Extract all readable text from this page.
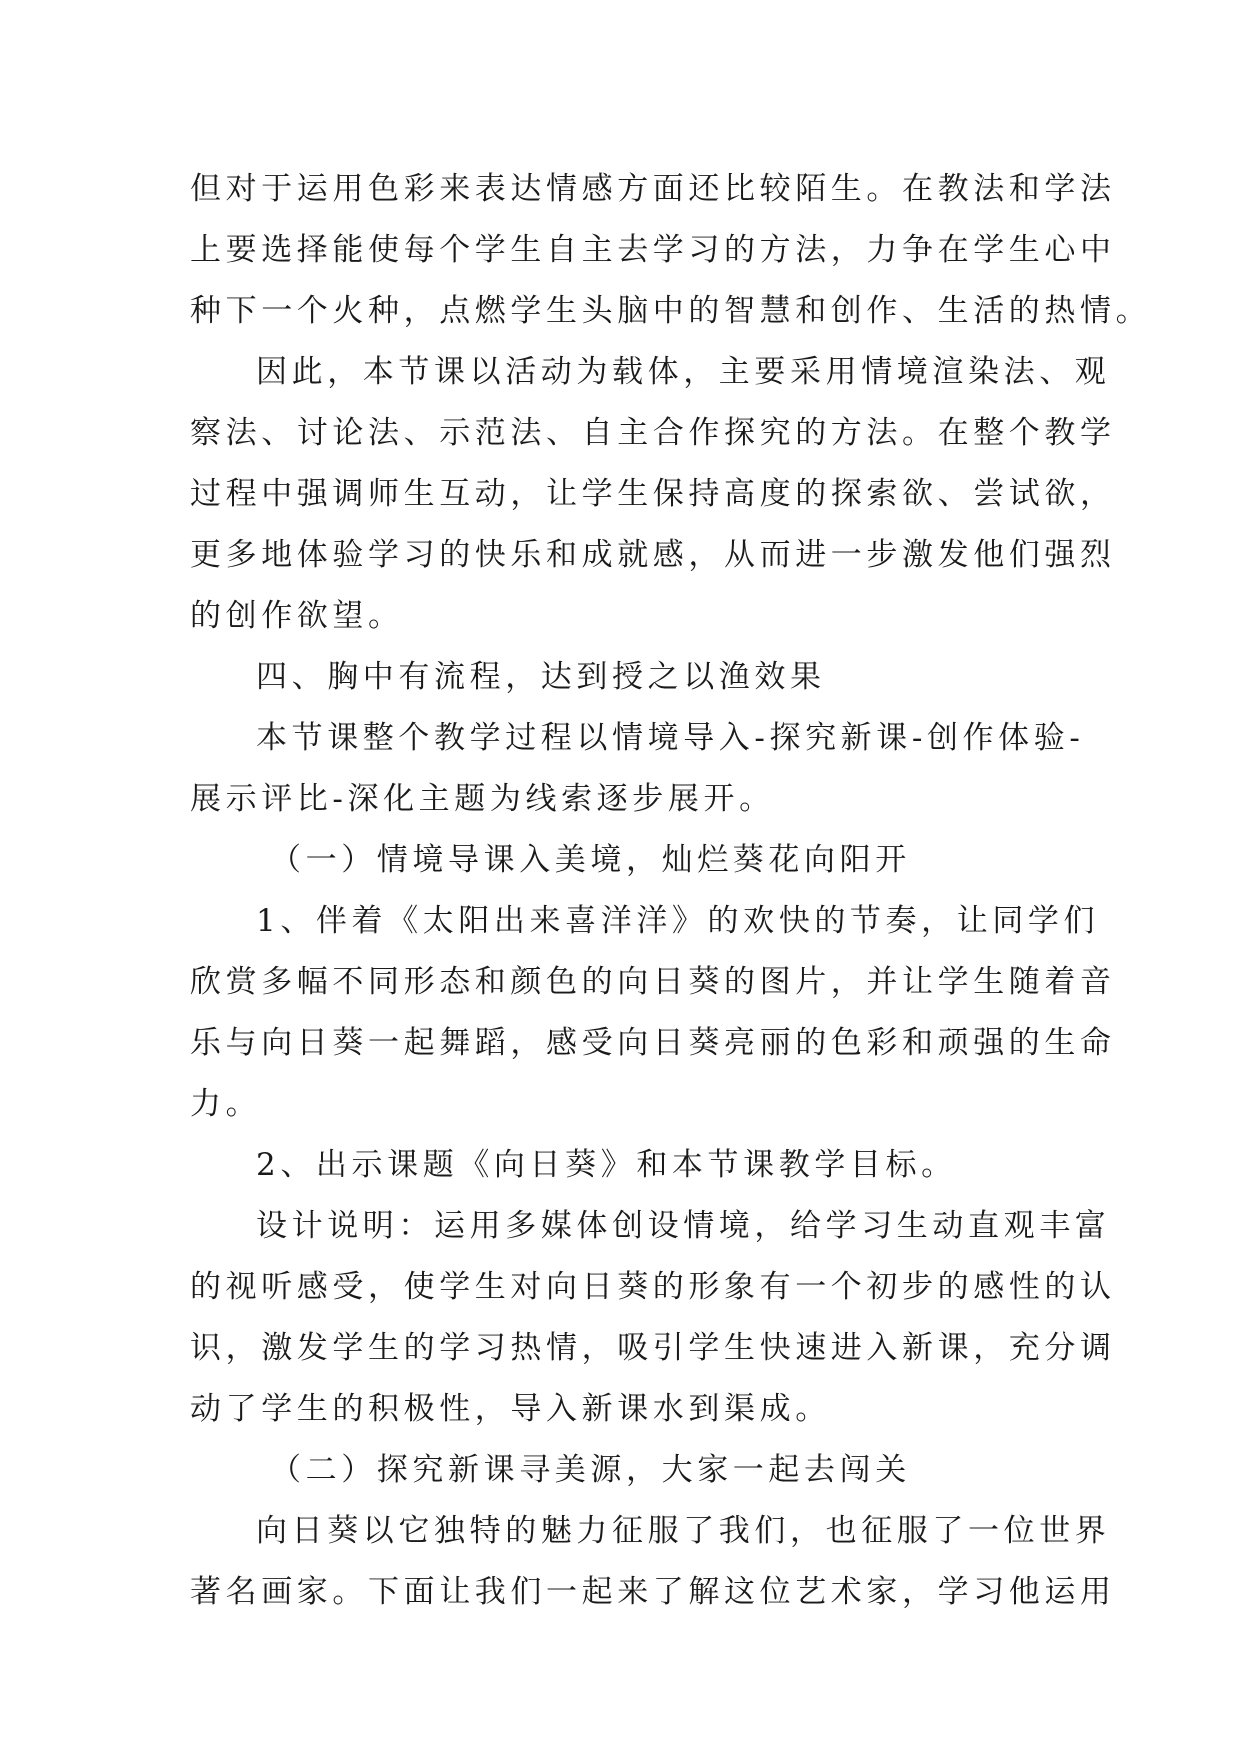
但对于运用色彩来表达情感方面还比较陌生。在教法和学法
上要选择能使每个学生自主去学习的方法，力争在学生心中
种下一个火种，点燃学生头脑中的智慧和创作、生活的热情。
因此，本节课以活动为载体，主要采用情境渲染法、观
察法、讨论法、示范法、自主合作探究的方法。在整个教学
过程中强调师生互动，让学生保持高度的探索欲、尝试欲，
更多地体验学习的快乐和成就感，从而进一步激发他们强烈
的创作欲望。
四、胸中有流程，达到授之以渔效果
本节课整个教学过程以情境导入-探究新课-创作体验-
展示评比-深化主题为线索逐步展开。
（一）情境导课入美境，灿烂葵花向阳开
1、伴着《太阳出来喜洋洋》的欢快的节奏，让同学们
欣赏多幅不同形态和颜色的向日葵的图片，并让学生随着音
乐与向日葵一起舞蹈，感受向日葵亮丽的色彩和顽强的生命
力。
2、出示课题《向日葵》和本节课教学目标。
设计说明：运用多媒体创设情境，给学习生动直观丰富
的视听感受，使学生对向日葵的形象有一个初步的感性的认
识，激发学生的学习热情，吸引学生快速进入新课，充分调
动了学生的积极性，导入新课水到渠成。
（二）探究新课寻美源，大家一起去闯关
向日葵以它独特的魅力征服了我们，也征服了一位世界
著名画家。下面让我们一起来了解这位艺术家，学习他运用
